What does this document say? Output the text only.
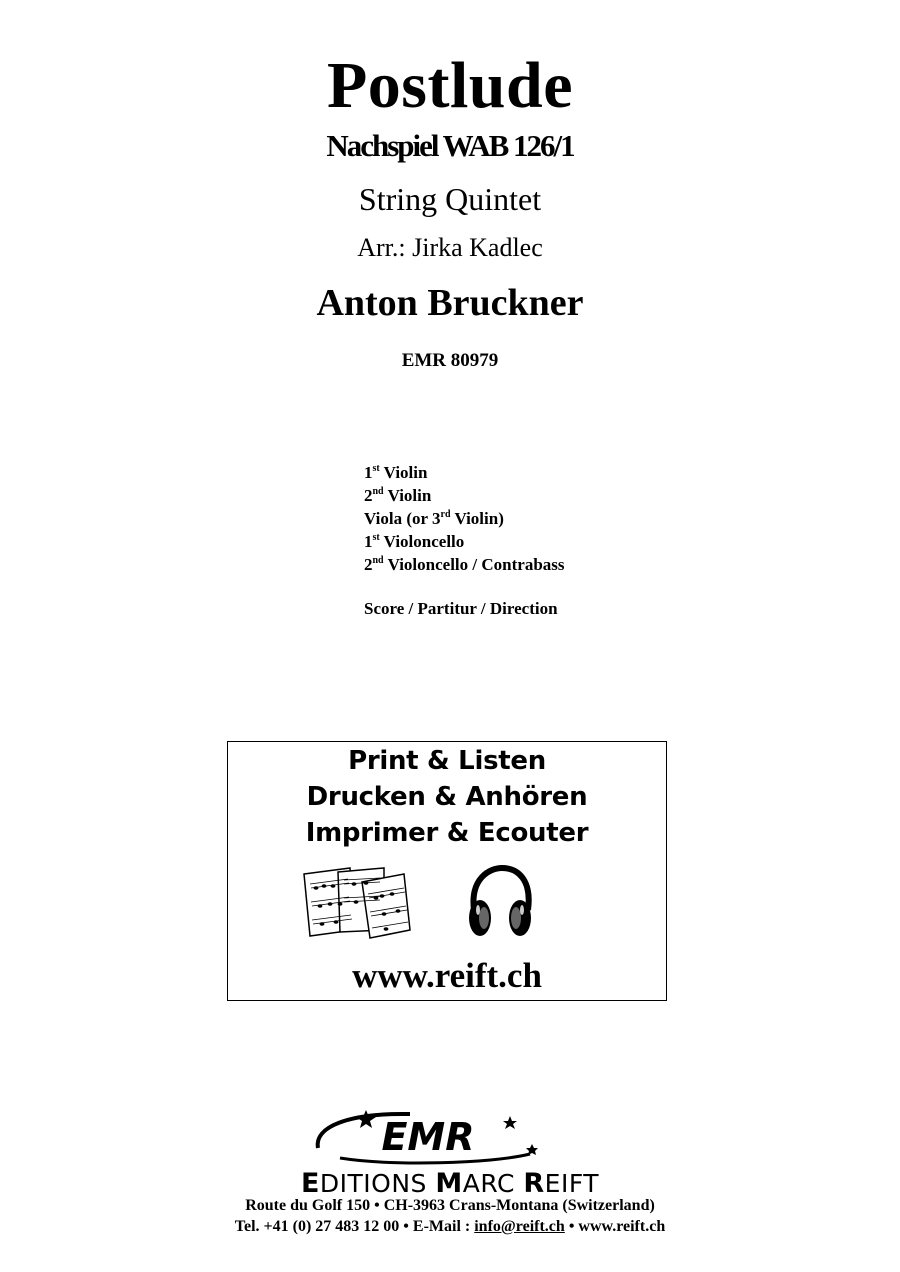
Postlude
Nachspiel WAB 126/1
String Quintet
Arr.: Jirka Kadlec
Anton Bruckner
EMR 80979
1st Violin
2nd Violin
Viola (or 3rd Violin)
1st Violoncello
2nd Violoncello / Contrabass
Score / Partitur / Direction
Print & Listen
Drucken & Anhören
Imprimer & Ecouter
www.reift.ch
EMR
EDITIONS MARC REIFT
Route du Golf 150 • CH-3963 Crans-Montana (Switzerland)
Tel. +41 (0) 27 483 12 00 • E-Mail : info@reift.ch • www.reift.ch
